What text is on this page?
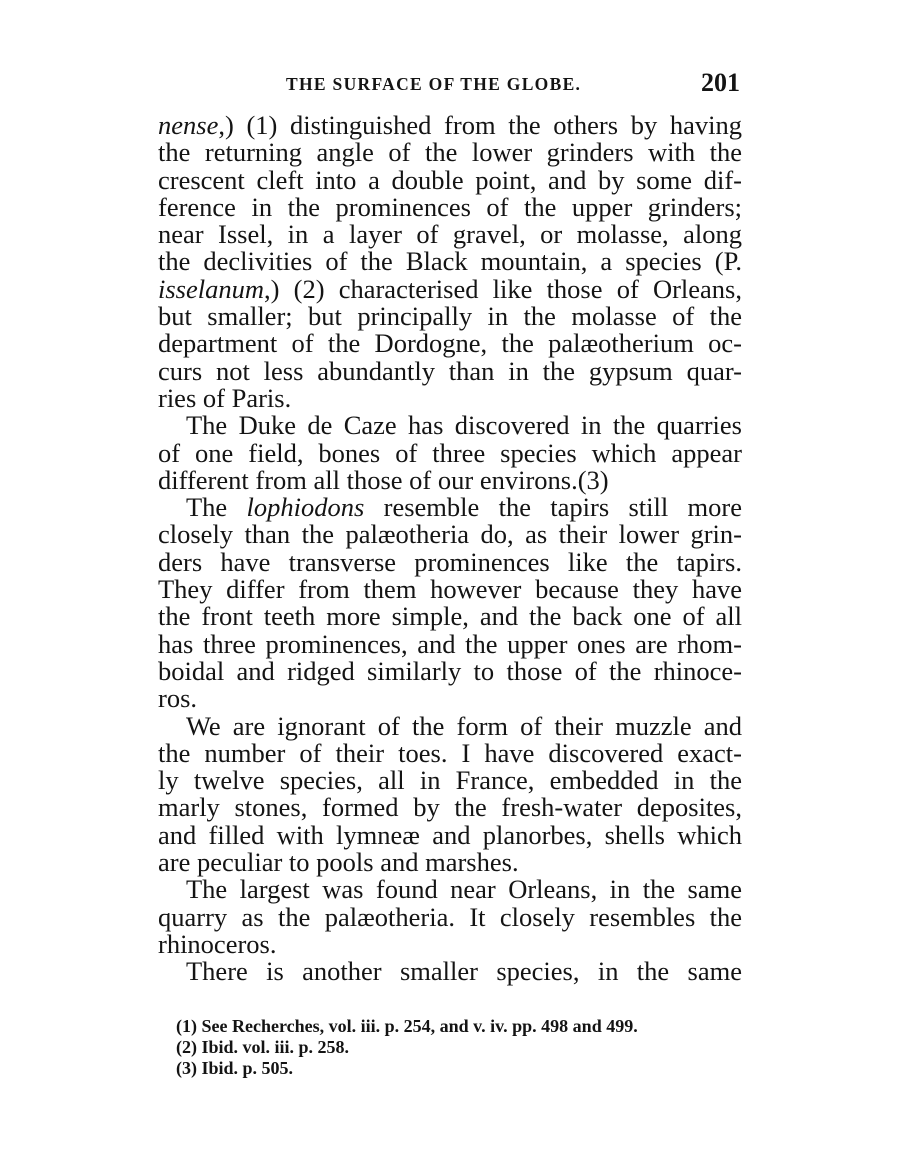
THE SURFACE OF THE GLOBE.	201
nense,) (1) distinguished from the others by having
the returning angle of the lower grinders with the
crescent cleft into a double point, and by some dif-
ference in the prominences of the upper grinders;
near Issel, in a layer of gravel, or molasse, along
the declivities of the Black mountain, a species (P.
isselanum,) (2) characterised like those of Orleans,
but smaller; but principally in the molasse of the
department of the Dordogne, the palæotherium oc-
curs not less abundantly than in the gypsum quar-
ries of Paris.
The Duke de Caze has discovered in the quarries
of one field, bones of three species which appear
different from all those of our environs.(3)
The lophiodons resemble the tapirs still more
closely than the palæotheria do, as their lower grin-
ders have transverse prominences like the tapirs.
They differ from them however because they have
the front teeth more simple, and the back one of all
has three prominences, and the upper ones are rhom-
boidal and ridged similarly to those of the rhinoce-
ros.
We are ignorant of the form of their muzzle and
the number of their toes. I have discovered exact-
ly twelve species, all in France, embedded in the
marly stones, formed by the fresh-water deposites,
and filled with lymneæ and planorbes, shells which
are peculiar to pools and marshes.
The largest was found near Orleans, in the same
quarry as the palæotheria. It closely resembles the
rhinoceros.
There is another smaller species, in the same
(1) See Recherches, vol. iii. p. 254, and v. iv. pp. 498 and 499.
(2) Ibid. vol. iii. p. 258.
(3) Ibid. p. 505.
